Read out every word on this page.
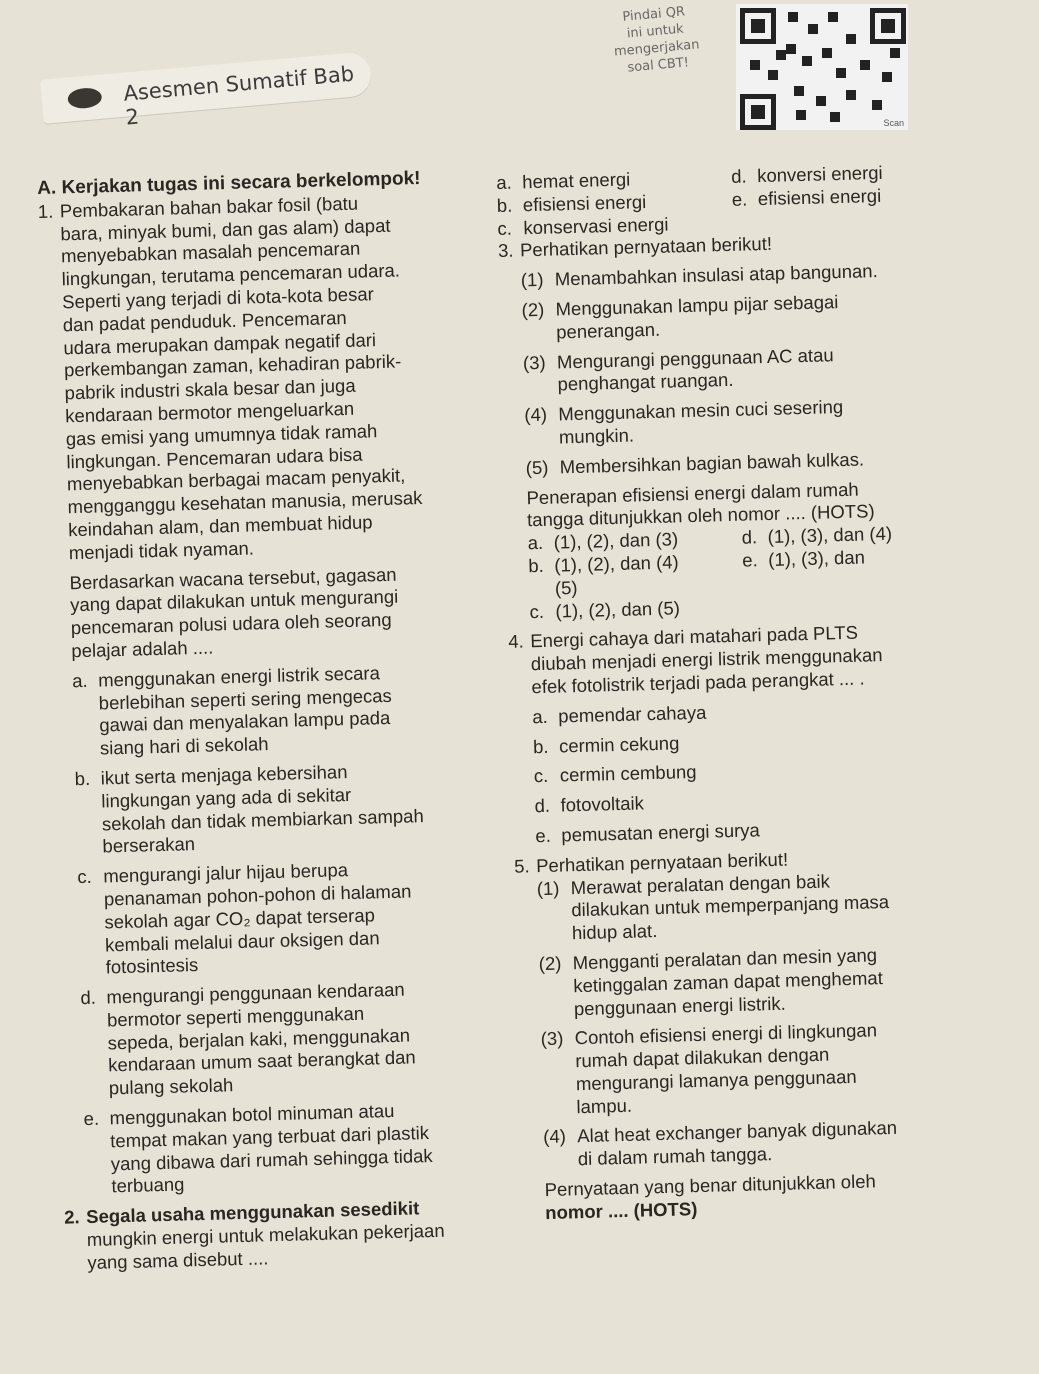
Asesmen Sumatif Bab 2
Pindai QR
ini untuk
mengerjakan
soal CBT!
Scan

A. Kerjakan tugas ini secara berkelompok!

1. Pembakaran bahan bakar fosil (batu

bara, minyak bumi, dan gas alam) dapat

menyebabkan masalah pencemaran

lingkungan, terutama pencemaran udara.

Seperti yang terjadi di kota-kota besar

dan padat penduduk. Pencemaran

udara merupakan dampak negatif dari

perkembangan zaman, kehadiran pabrik-

pabrik industri skala besar dan juga

kendaraan bermotor mengeluarkan

gas emisi yang umumnya tidak ramah

lingkungan. Pencemaran udara bisa

menyebabkan berbagai macam penyakit,

mengganggu kesehatan manusia, merusak

keindahan alam, dan membuat hidup

menjadi tidak nyaman.

Berdasarkan wacana tersebut, gagasan

yang dapat dilakukan untuk mengurangi

pencemaran polusi udara oleh seorang

pelajar adalah ....

a. menggunakan energi listrik secara

berlebihan seperti sering mengecas

gawai dan menyalakan lampu pada

siang hari di sekolah

b. ikut serta menjaga kebersihan

lingkungan yang ada di sekitar

sekolah dan tidak membiarkan sampah

berserakan

c. mengurangi jalur hijau berupa

penanaman pohon-pohon di halaman

sekolah agar CO₂ dapat terserap

kembali melalui daur oksigen dan

fotosintesis

d. mengurangi penggunaan kendaraan

bermotor seperti menggunakan

sepeda, berjalan kaki, menggunakan

kendaraan umum saat berangkat dan

pulang sekolah

e. menggunakan botol minuman atau

tempat makan yang terbuat dari plastik

yang dibawa dari rumah sehingga tidak

terbuang

2. Segala usaha menggunakan sesedikit

mungkin energi untuk melakukan pekerjaan

yang sama disebut ....

a. hemat energi
b. efisiensi energi
c. konservasi energi
d. konversi energi
e. efisiensi energi

3. Perhatikan pernyataan berikut!

(1) Menambahkan insulasi atap bangunan.

(2) Menggunakan lampu pijar sebagai

penerangan.

(3) Mengurangi penggunaan AC atau

penghangat ruangan.

(4) Menggunakan mesin cuci sesering

mungkin.

(5) Membersihkan bagian bawah kulkas.

Penerapan efisiensi energi dalam rumah

tangga ditunjukkan oleh nomor .... (HOTS)

a. (1), (2), dan (3)
b. (1), (2), dan (4)

(5)

c. (1), (2), dan (5)
d. (1), (3), dan (4)
e. (1), (3), dan

4. Energi cahaya dari matahari pada PLTS

diubah menjadi energi listrik menggunakan

efek fotolistrik terjadi pada perangkat ... .

a. pemendar cahaya
b. cermin cekung
c. cermin cembung
d. fotovoltaik
e. pemusatan energi surya

5. Perhatikan pernyataan berikut!

(1) Merawat peralatan dengan baik

dilakukan untuk memperpanjang masa

hidup alat.

(2) Mengganti peralatan dan mesin yang

ketinggalan zaman dapat menghemat

penggunaan energi listrik.

(3) Contoh efisiensi energi di lingkungan

rumah dapat dilakukan dengan

mengurangi lamanya penggunaan

lampu.

(4) Alat heat exchanger banyak digunakan

di dalam rumah tangga.

Pernyataan yang benar ditunjukkan oleh

nomor .... (HOTS)
